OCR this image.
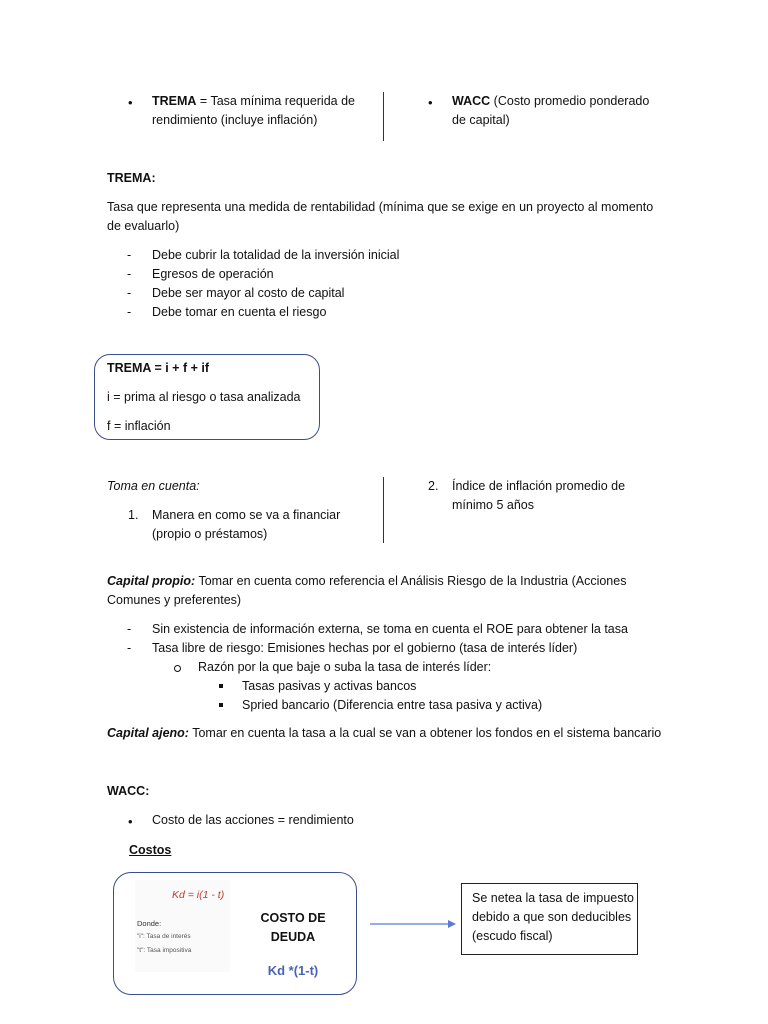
• TREMA = Tasa mínima requerida de
rendimiento (incluye inflación)
• WACC (Costo promedio ponderado
de capital)
TREMA:
Tasa que representa una medida de rentabilidad (mínima que se exige en un proyecto al momento
de evaluarlo)
- Debe cubrir la totalidad de la inversión inicial
- Egresos de operación
- Debe ser mayor al costo de capital
- Debe tomar en cuenta el riesgo
TREMA = i + f + if
i = prima al riesgo o tasa analizada
f = inflación
Toma en cuenta:
1. Manera en como se va a financiar
(propio o préstamos)
2. Índice de inflación promedio de
mínimo 5 años
Capital propio: Tomar en cuenta como referencia el Análisis Riesgo de la Industria (Acciones
Comunes y preferentes)
- Sin existencia de información externa, se toma en cuenta el ROE para obtener la tasa
- Tasa libre de riesgo: Emisiones hechas por el gobierno (tasa de interés líder)
Razón por la que baje o suba la tasa de interés líder:
Tasas pasivas y activas bancos
Spried bancario (Diferencia entre tasa pasiva y activa)
Capital ajeno: Tomar en cuenta la tasa a la cual se van a obtener los fondos en el sistema bancario
WACC:
• Costo de las acciones = rendimiento
Costos
Kd = i(1 - t)
Donde:
"i": Tasa de interés
"t": Tasa impositiva
COSTO DE
DEUDA
Kd *(1-t)
Se netea la tasa de impuesto
debido a que son deducibles
(escudo fiscal)
